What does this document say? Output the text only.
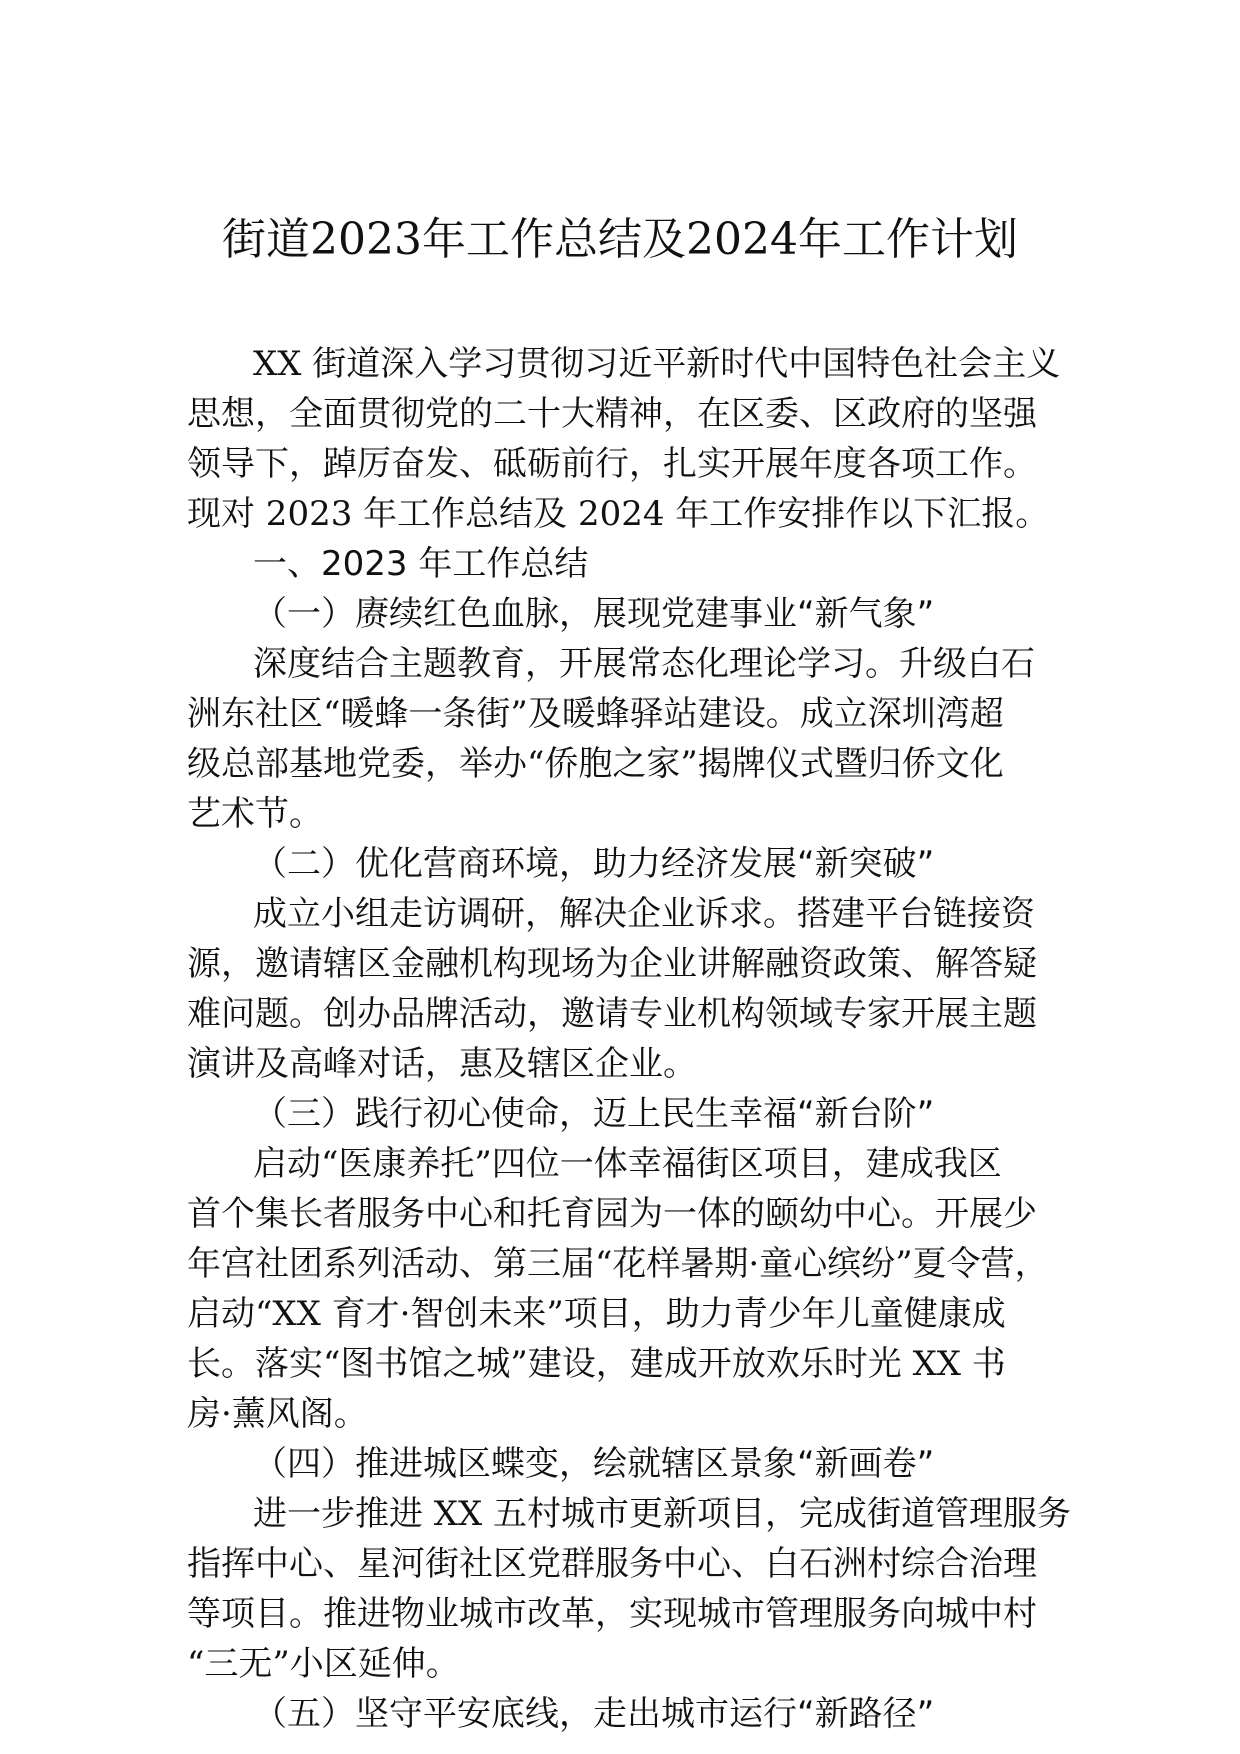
街道2023年工作总结及2024年工作计划
XX 街道深入学习贯彻习近平新时代中国特色社会主义
思想，全面贯彻党的二十大精神，在区委、区政府的坚强
领导下，踔厉奋发、砥砺前行，扎实开展年度各项工作。
现对 2023 年工作总结及 2024 年工作安排作以下汇报。
一、2023 年工作总结
（一）赓续红色血脉，展现党建事业“新气象”
深度结合主题教育，开展常态化理论学习。升级白石
洲东社区“暖蜂一条街”及暖蜂驿站建设。成立深圳湾超
级总部基地党委，举办“侨胞之家”揭牌仪式暨归侨文化
艺术节。
（二）优化营商环境，助力经济发展“新突破”
成立小组走访调研，解决企业诉求。搭建平台链接资
源，邀请辖区金融机构现场为企业讲解融资政策、解答疑
难问题。创办品牌活动，邀请专业机构领域专家开展主题
演讲及高峰对话，惠及辖区企业。
（三）践行初心使命，迈上民生幸福“新台阶”
启动“医康养托”四位一体幸福街区项目，建成我区
首个集长者服务中心和托育园为一体的颐幼中心。开展少
年宫社团系列活动、第三届“花样暑期·童心缤纷”夏令营，
启动“XX 育才·智创未来”项目，助力青少年儿童健康成
长。落实“图书馆之城”建设，建成开放欢乐时光 XX 书
房·薰风阁。
（四）推进城区蝶变，绘就辖区景象“新画卷”
进一步推进 XX 五村城市更新项目，完成街道管理服务
指挥中心、星河街社区党群服务中心、白石洲村综合治理
等项目。推进物业城市改革，实现城市管理服务向城中村
“三无”小区延伸。
（五）坚守平安底线，走出城市运行“新路径”
